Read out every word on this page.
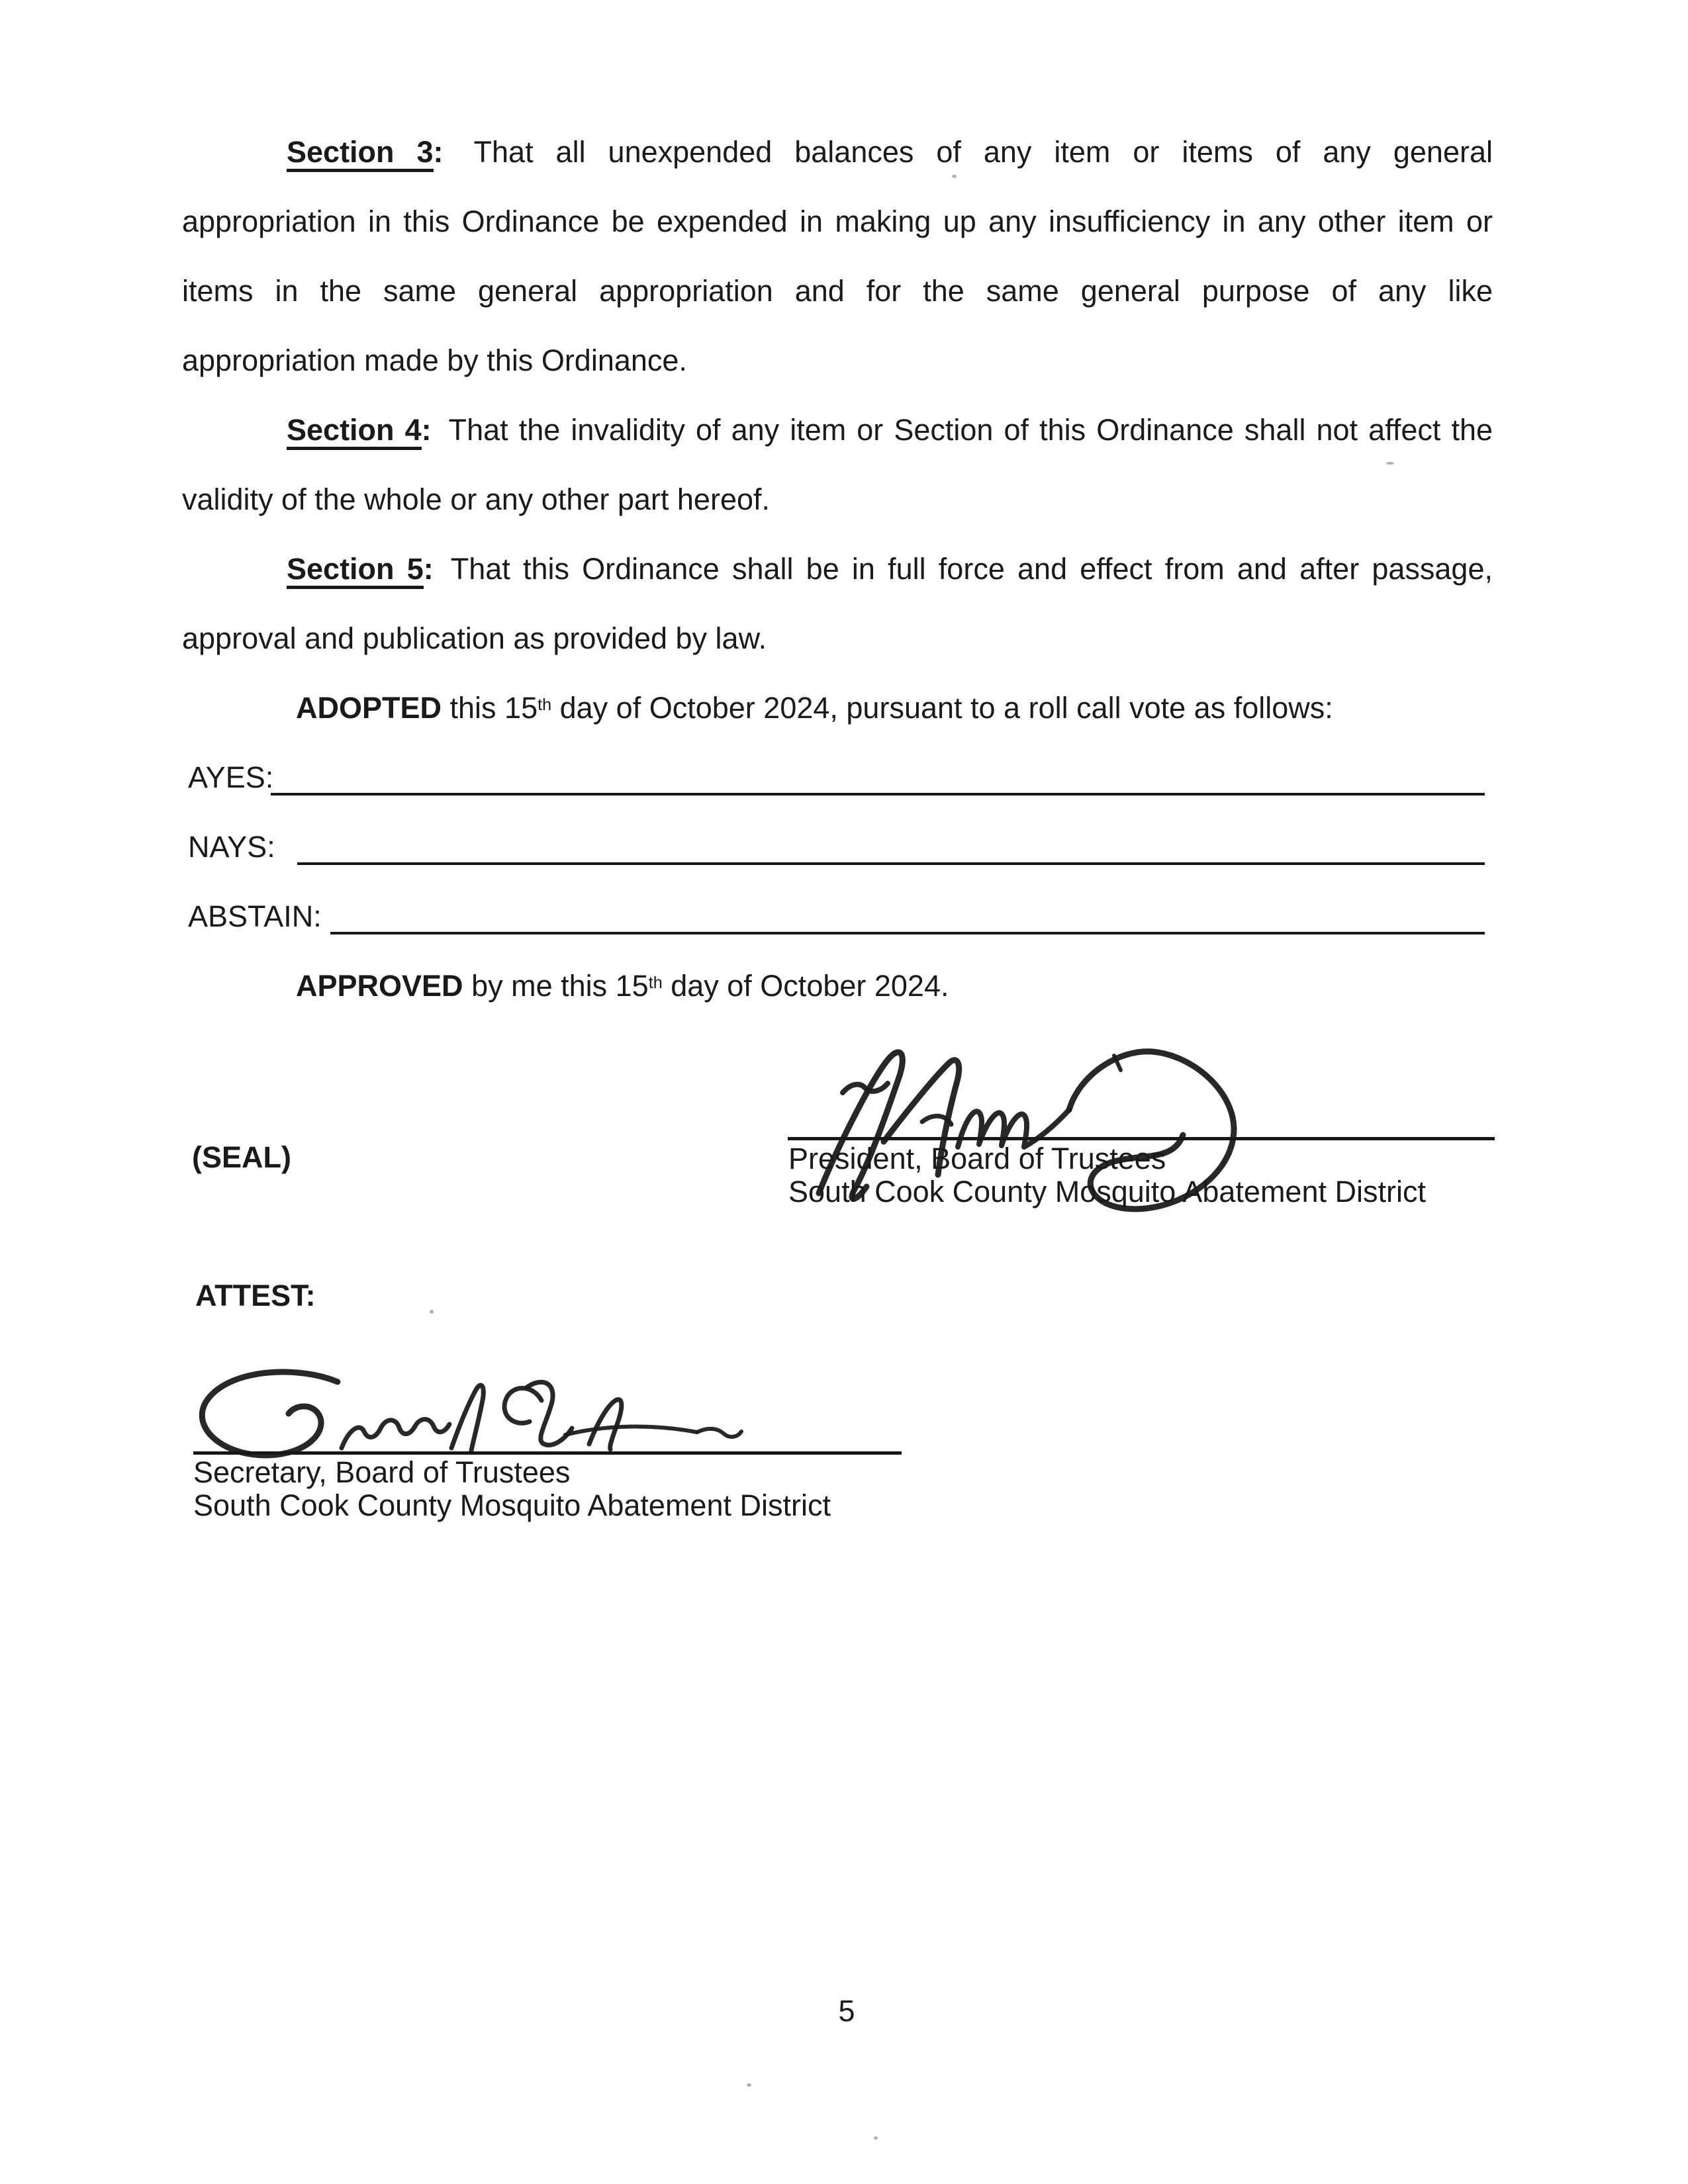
Section 3: That all unexpended balances of any item or items of any general
appropriation in this Ordinance be expended in making up any insufficiency in any other item or
items in the same general appropriation and for the same general purpose of any like
appropriation made by this Ordinance.
Section 4: That the invalidity of any item or Section of this Ordinance shall not affect the
validity of the whole or any other part hereof.
Section 5: That this Ordinance shall be in full force and effect from and after passage,
approval and publication as provided by law.
ADOPTED this 15th day of October 2024, pursuant to a roll call vote as follows:
AYES:
NAYS:
ABSTAIN:
APPROVED by me this 15th day of October 2024.
President, Board of Trustees
South Cook County Mosquito Abatement District
(SEAL)
ATTEST:
Secretary, Board of Trustees
South Cook County Mosquito Abatement District
5
